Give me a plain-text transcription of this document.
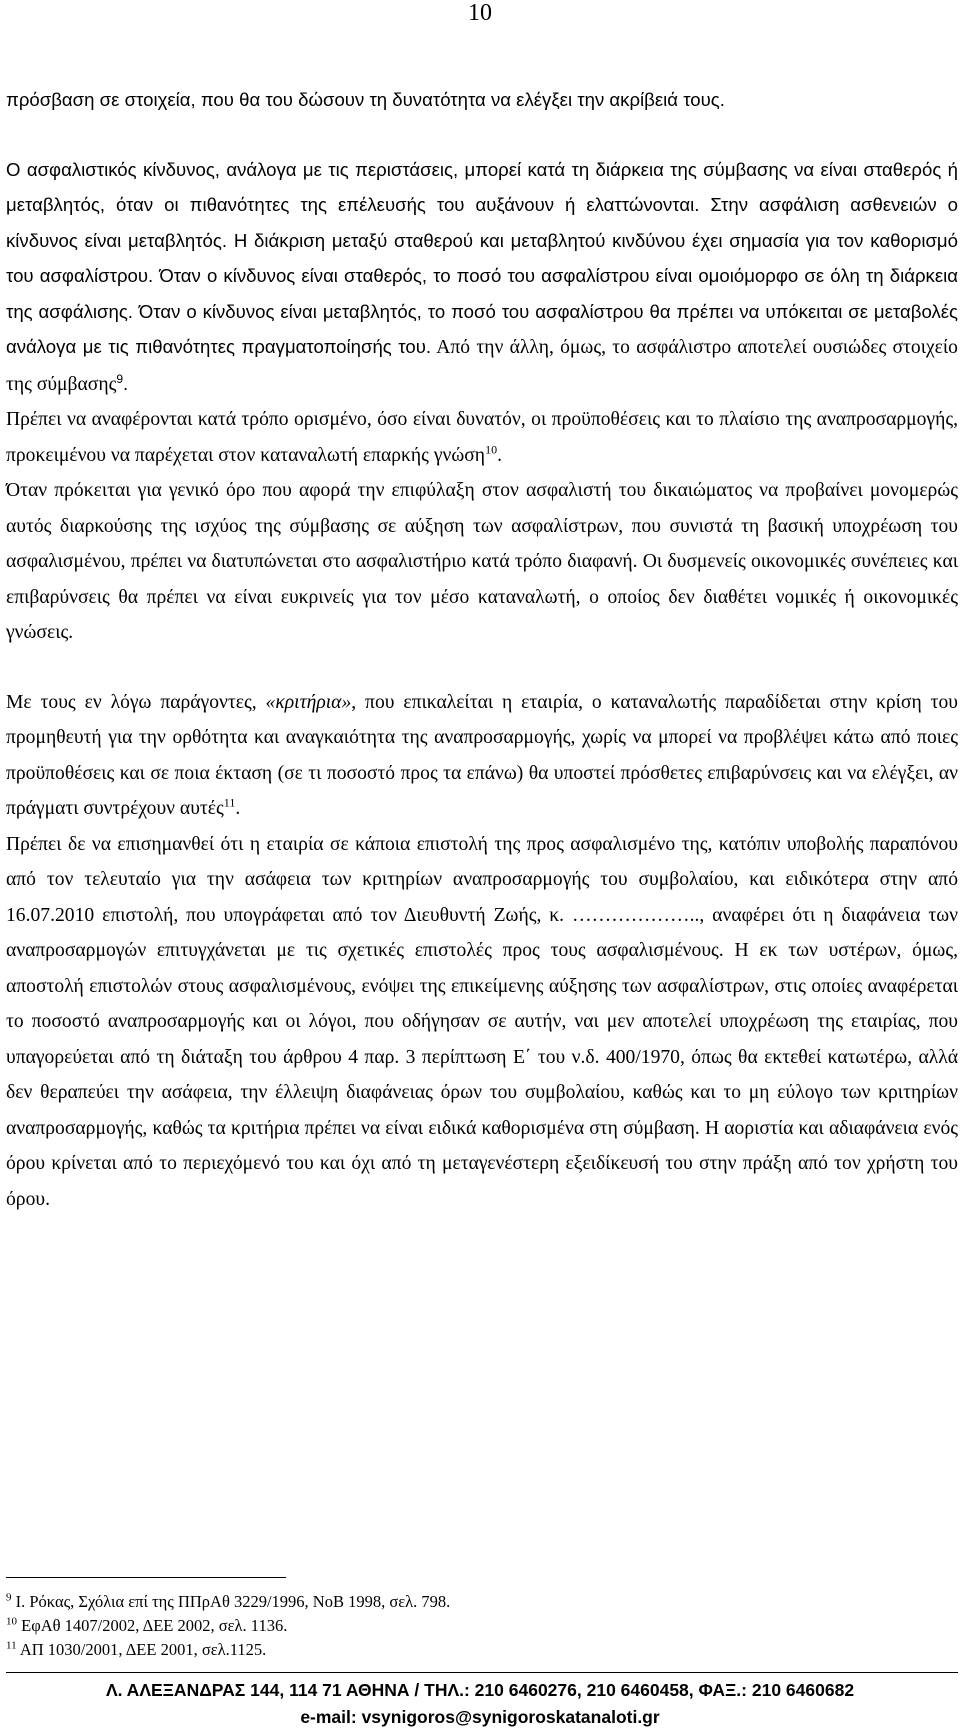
10

πρόσβαση σε στοιχεία, που θα του δώσουν τη δυνατότητα να ελέγξει την ακρίβειά τους.

Ο ασφαλιστικός κίνδυνος, ανάλογα με τις περιστάσεις, μπορεί κατά τη διάρκεια της σύμβασης να είναι σταθερός ή μεταβλητός, όταν οι πιθανότητες της επέλευσής του αυξάνουν ή ελαττώνονται. Στην ασφάλιση ασθενειών ο κίνδυνος είναι μεταβλητός. Η διάκριση μεταξύ σταθερού και μεταβλητού κινδύνου έχει σημασία για τον καθορισμό του ασφαλίστρου. Όταν ο κίνδυνος είναι σταθερός, το ποσό του ασφαλίστρου είναι ομοιόμορφο σε όλη τη διάρκεια της ασφάλισης. Όταν ο κίνδυνος είναι μεταβλητός, το ποσό του ασφαλίστρου θα πρέπει να υπόκειται σε μεταβολές ανάλογα με τις πιθανότητες πραγματοποίησής του. Από την άλλη, όμως, το ασφάλιστρο αποτελεί ουσιώδες στοιχείο της σύμβασης$^9$.

Πρέπει να αναφέρονται κατά τρόπο ορισμένο, όσο είναι δυνατόν, οι προϋποθέσεις και το πλαίσιο της αναπροσαρμογής, προκειμένου να παρέχεται στον καταναλωτή επαρκής γνώση$^{10}$.

Όταν πρόκειται για γενικό όρο που αφορά την επιφύλαξη στον ασφαλιστή του δικαιώματος να προβαίνει μονομερώς αυτός διαρκούσης της ισχύος της σύμβασης σε αύξηση των ασφαλίστρων, που συνιστά τη βασική υποχρέωση του ασφαλισμένου, πρέπει να διατυπώνεται στο ασφαλιστήριο κατά τρόπο διαφανή. Οι δυσμενείς οικονομικές συνέπειες και επιβαρύνσεις θα πρέπει να είναι ευκρινείς για τον μέσο καταναλωτή, ο οποίος δεν διαθέτει νομικές ή οικονομικές γνώσεις.

Με τους εν λόγω παράγοντες, «κριτήρια», που επικαλείται η εταιρία, ο καταναλωτής παραδίδεται στην κρίση του προμηθευτή για την ορθότητα και αναγκαιότητα της αναπροσαρμογής, χωρίς να μπορεί να προβλέψει κάτω από ποιες προϋποθέσεις και σε ποια έκταση (σε τι ποσοστό προς τα επάνω) θα υποστεί πρόσθετες επιβαρύνσεις και να ελέγξει, αν πράγματι συντρέχουν αυτές$^{11}$.

Πρέπει δε να επισημανθεί ότι η εταιρία σε κάποια επιστολή της προς ασφαλισμένο της, κατόπιν υποβολής παραπόνου από τον τελευταίο για την ασάφεια των κριτηρίων αναπροσαρμογής του συμβολαίου, και ειδικότερα στην από 16.07.2010 επιστολή, που υπογράφεται από τον Διευθυντή Ζωής, κ. ……………….., αναφέρει ότι η διαφάνεια των αναπροσαρμογών επιτυγχάνεται με τις σχετικές επιστολές προς τους ασφαλισμένους. Η εκ των υστέρων, όμως, αποστολή επιστολών στους ασφαλισμένους, ενόψει της επικείμενης αύξησης των ασφαλίστρων, στις οποίες αναφέρεται το ποσοστό αναπροσαρμογής και οι λόγοι, που οδήγησαν σε αυτήν, ναι μεν αποτελεί υποχρέωση της εταιρίας, που υπαγορεύεται από τη διάταξη του άρθρου 4 παρ. 3 περίπτωση Ε΄ του ν.δ. 400/1970, όπως θα εκτεθεί κατωτέρω, αλλά δεν θεραπεύει την ασάφεια, την έλλειψη διαφάνειας όρων του συμβολαίου, καθώς και το μη εύλογο των κριτηρίων αναπροσαρμογής, καθώς τα κριτήρια πρέπει να είναι ειδικά καθορισμένα στη σύμβαση. Η αοριστία και αδιαφάνεια ενός όρου κρίνεται από το περιεχόμενό του και όχι από τη μεταγενέστερη εξειδίκευσή του στην πράξη από τον χρήστη του όρου.

$^9$ Ι. Ρόκας, Σχόλια επί της ΠΠρΑθ 3229/1996, ΝοΒ 1998, σελ. 798.

$^{10}$ ΕφΑθ 1407/2002, ΔΕΕ 2002, σελ. 1136.

$^{11}$ ΑΠ 1030/2001, ΔΕΕ 2001, σελ.1125.

Λ. ΑΛΕΞΑΝΔΡΑΣ 144, 114 71 ΑΘΗΝΑ / ΤΗΛ.: 210 6460276, 210 6460458, ΦΑΞ.: 210 6460682
e-mail: vsynigoros@synigoroskatanaloti.gr
